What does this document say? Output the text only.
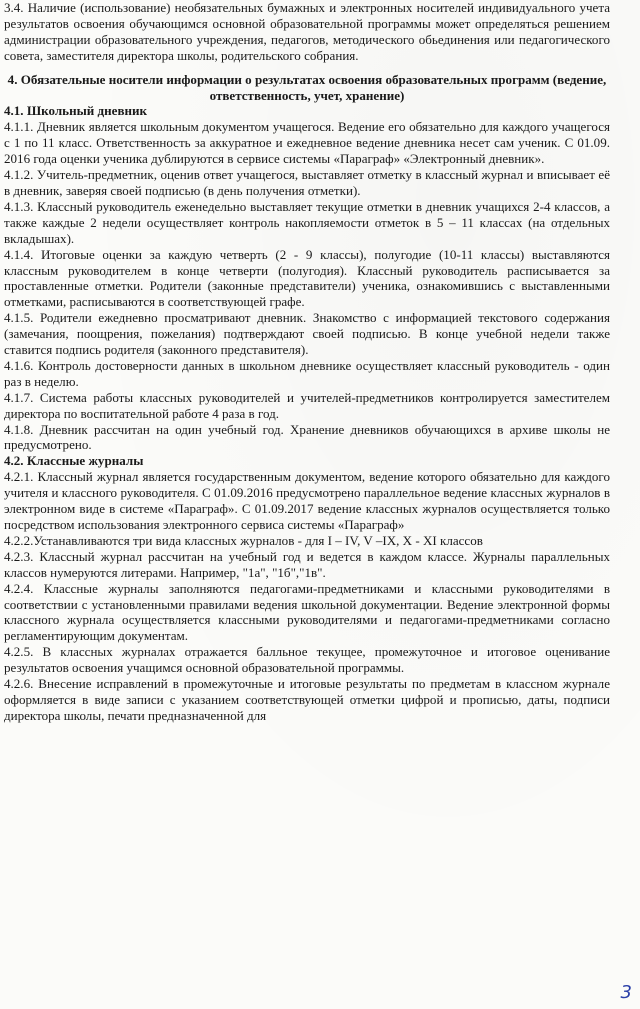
3.4. Наличие (использование) необязательных бумажных и электронных носителей индивидуального учета результатов освоения обучающимся основной образовательной программы может определяться решением администрации образовательного учреждения, педагогов, методического обьединения или педагогического совета, заместителя директора школы, родительского собрания.

4. Обязательные носители информации о результатах освоения образовательных программ (ведение, ответственность, учет, хранение)

4.1. Школьный дневник

4.1.1. Дневник является школьным документом учащегося. Ведение его обязательно для каждого учащегося с 1 по 11 класс. Ответственность за аккуратное и ежедневное ведение дневника несет сам ученик. С 01.09. 2016 года оценки ученика дублируются в сервисе системы «Параграф» «Электронный дневник».

4.1.2. Учитель-предметник, оценив ответ учащегося, выставляет отметку в классный журнал и вписывает её в дневник, заверяя своей подписью (в день получения отметки).

4.1.3. Классный руководитель еженедельно выставляет текущие отметки в дневник учащихся 2-4 классов, а также каждые 2 недели осуществляет контроль накопляемости отметок в 5 – 11 классах (на отдельных вкладышах).

4.1.4. Итоговые оценки за каждую четверть (2 - 9 классы), полугодие (10-11 классы) выставляются классным руководителем в конце четверти (полугодия). Классный руководитель расписывается за проставленные отметки. Родители (законные представители) ученика, ознакомившись с выставленными отметками, расписываются в соответствующей графе.

4.1.5. Родители ежедневно просматривают дневник. Знакомство с информацией текстового содержания (замечания, поощрения, пожелания) подтверждают своей подписью. В конце учебной недели также ставится подпись родителя (законного представителя).

4.1.6. Контроль достоверности данных в школьном дневнике осуществляет классный руководитель - один раз в неделю.

4.1.7. Система работы классных руководителей и учителей-предметников контролируется заместителем директора по воспитательной работе 4 раза в год.

4.1.8. Дневник рассчитан на один учебный год. Хранение дневников обучающихся в архиве школы не предусмотрено.

4.2. Классные журналы

4.2.1. Классный журнал является государственным документом, ведение которого обязательно для каждого учителя и классного руководителя. С 01.09.2016 предусмотрено параллельное ведение классных журналов в электронном виде в системе «Параграф». С 01.09.2017 ведение классных журналов осуществляется только посредством использования электронного сервиса системы «Параграф»

4.2.2.Устанавливаются три вида классных журналов - для I – IV, V –IX, X - XI классов

4.2.3. Классный журнал рассчитан на учебный год и ведется в каждом классе. Журналы параллельных классов нумеруются литерами. Например, "1а", "1б","1в".

4.2.4. Классные журналы заполняются педагогами-предметниками и классными руководителями в соответствии с установленными правилами ведения школьной документации. Ведение электронной формы классного журнала осуществляется классными руководителями и педагогами-предметниками согласно регламентирующим документам.

4.2.5. В классных журналах отражается балльное текущее, промежуточное и итоговое оценивание результатов освоения учащимся основной образовательной программы.

4.2.6. Внесение исправлений в промежуточные и итоговые результаты по предметам в классном журнале оформляется в виде записи с указанием соответствующей отметки цифрой и прописью, даты, подписи директора школы, печати предназначенной для

3
